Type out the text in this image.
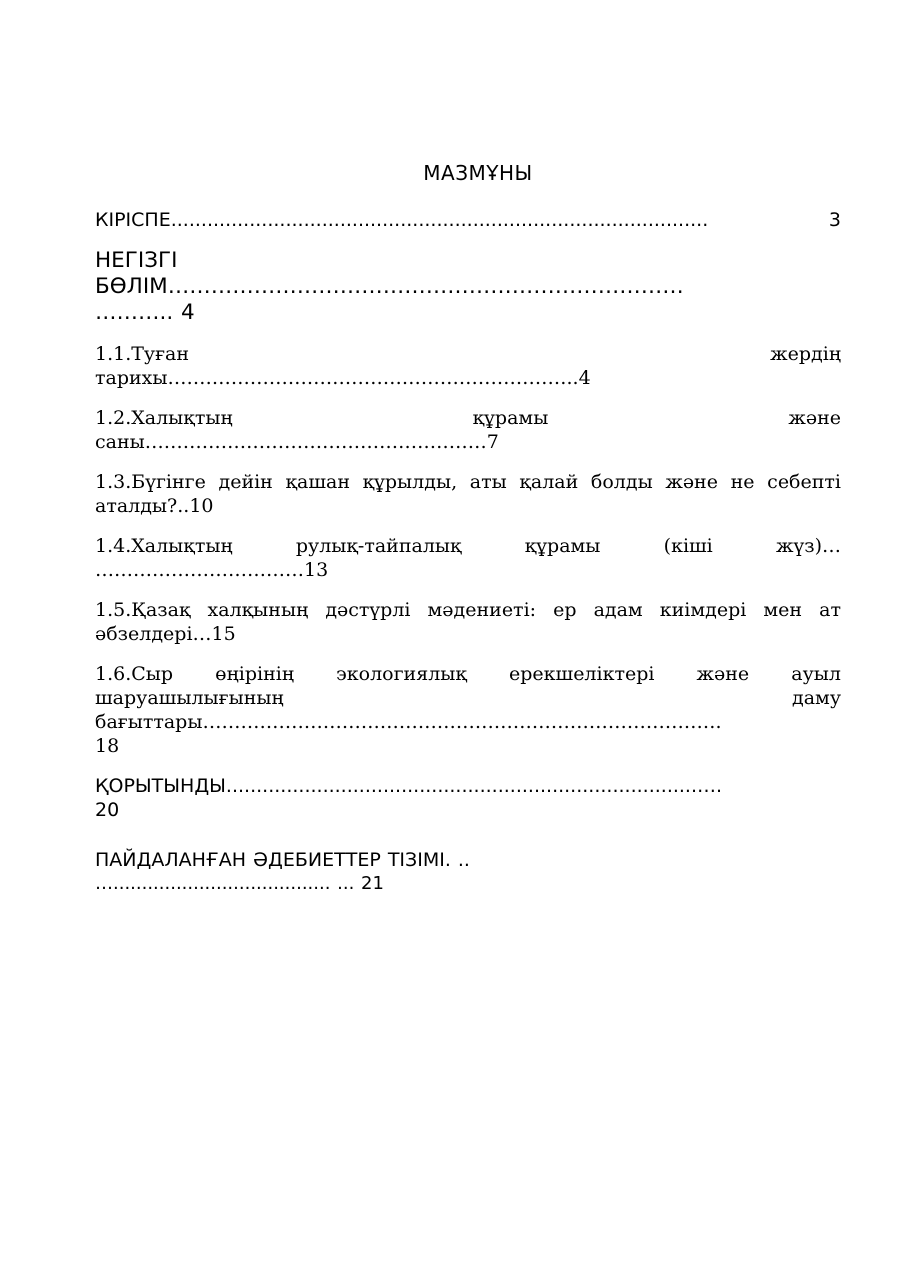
МАЗМҰНЫ
КІРІСПЕ.........................................................................................	3
НЕГІЗГІ
БӨЛІМ………………………………………………………………
……….. 4
1.1.Туған	жердің
тарихы………………………………………………………..4
1.2.Халықтың	құрамы	және
саны………………………………………………7
1.3.Бүгінге дейін қашан құрылды, аты қалай болды және не себепті аталды?..10
1.4.Халықтың	рулық-тайпалық	құрамы	(кіші	жүз)…
……………………………13
1.5.Қазақ халқының дәстүрлі мәдениеті: ер адам киімдері мен ат әбзелдері…15
1.6.Сыр өңірінің экологиялық ерекшеліктері және ауыл
шаруашылығының	даму
бағыттары……………………………………………………………………….
18
ҚОРЫТЫНДЫ..............................................................................….
20
ПАЙДАЛАНҒАН ӘДЕБИЕТТЕР ТІЗІМІ. ..
…...................................... ... 21
